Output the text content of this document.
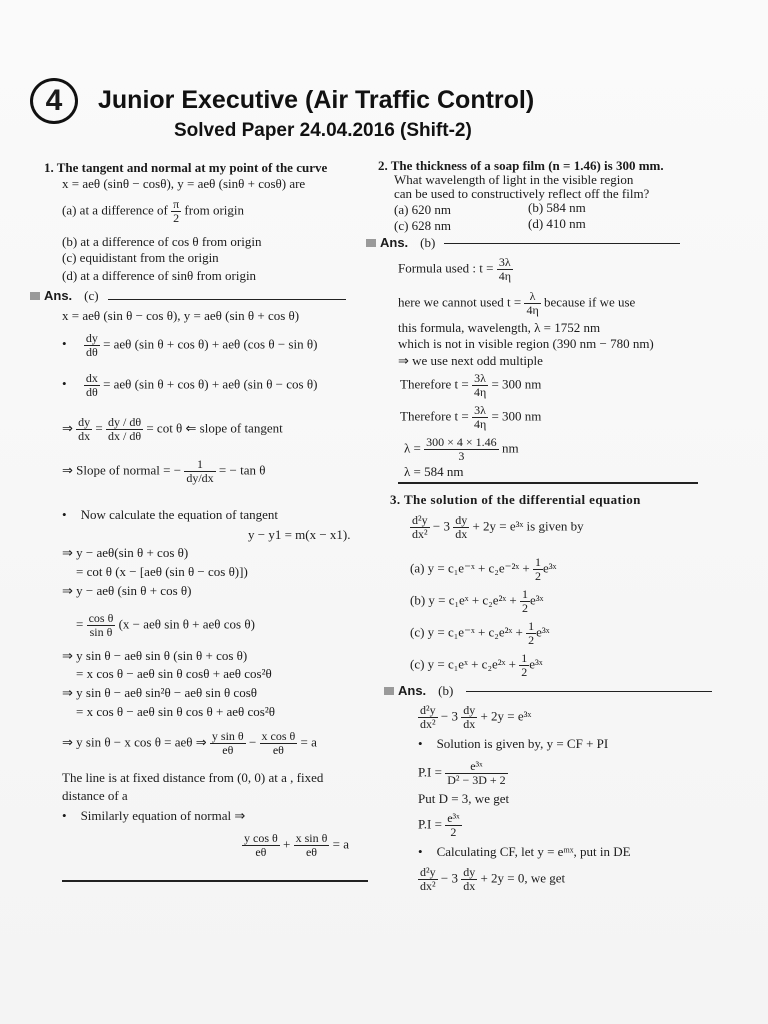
4	Junior Executive (Air Traffic Control)
Solved Paper 24.04.2016 (Shift-2)
1. The tangent and normal at my point of the curve
x = aeθ (sinθ − cosθ), y = aeθ (sinθ + cosθ) are
(a) at a difference of $\frac{\pi}{2}$ from origin
(b) at a difference of cos θ from origin
(c) equidistant from the origin
(d) at a difference of sinθ from origin
Ans. (c)
x = aeθ (sin θ − cos θ), y = aeθ (sin θ + cos θ)

• $\frac{dy}{d\theta} = ae\theta$ (sin θ + cos θ) + aeθ (cos θ − sin θ)

• $\frac{dx}{d\theta} = ae\theta$ (sin θ + cos θ) + aeθ (sin θ − cos θ)
⇒ $\frac{dy}{dx} = \frac{dy / d\theta}{dx / d\theta} = \cot \theta$ ⇐ slope of tangent
⇒ Slope of normal = − $\frac{1}{dy/dx}$ = − tan θ
• Now calculate the equation of tangent
y − y1 = m(x − x1).
⇒ y − aeθ(sin θ + cos θ)
= cot θ (x − [aeθ (sin θ − cos θ)])
⇒ y − aeθ (sin θ + cos θ)
= $\frac{\text{cos θ}}{\text{sin θ}} (x - ae\theta$ sin θ + aeθ cos θ)
⇒ y sin θ − aeθ sin θ (sin θ + cos θ)
= x cos θ − aeθ sin θ cosθ + aeθ cos²θ
⇒ y sin θ − aeθ sin²θ − aeθ sin θ cosθ
= x cos θ − aeθ sin θ cos θ + aeθ cos²θ
⇒ y sin θ − x cos θ = aeθ ⇒ $\frac{\text{y sin θ}}{e\theta} - \frac{\text{x cos θ}}{e\theta} = a$
The line is at fixed distance from (0, 0) at a , fixed
distance of a
• Similarly equation of normal ⇒
$\frac{\text{y cos θ}}{e\theta} + \frac{\text{x sin θ}}{e\theta} = a$
2. The thickness of a soap film (n = 1.46) is 300 mm.
What wavelength of light in the visible region
can be used to constructively reflect off the film?
(a) 620 nm	(b) 584 nm
(c) 628 nm	(d) 410 nm
Ans. (b)
Formula used : $t = \frac{3\lambda}{4\eta}$
here we cannot used $t = \frac{\lambda}{4\eta}$ because if we use
this formula, wavelength, λ = 1752 nm
which is not in visible region (390 nm − 780 nm)
⇒ we use next odd multiple
Therefore $t = \frac{3\lambda}{4\eta} = 300$ nm
Therefore $t = \frac{3\lambda}{4\eta} = 300$ nm
$\lambda = \frac{300 \times 4 \times 1.46}{3}$ nm
λ = 584 nm
3. The solution of the differential equation
$\frac{\text{d²y}}{\text{dx²}} - 3 \frac{dy}{dx} + 2y$ = e³ˣ is given by
(a) y = c₁e⁻ˣ + c₂e⁻²ˣ + $\frac{1}{2}$ e³ˣ
(b) y = c₁eˣ + c₂e²ˣ + $\frac{1}{2}$ e³ˣ
(c) y = c₁e⁻ˣ + c₂e²ˣ + $\frac{1}{2}$ e³ˣ
(c) y = c₁eˣ + c₂e²ˣ + $\frac{1}{2}$ e³ˣ
Ans. (b)
$\frac{\text{d²y}}{\text{dx²}} - 3 \frac{dy}{dx} + 2y$ = e³ˣ
• Solution is given by, y = CF + PI
$P.I = \frac{\text{e³ˣ}}{\text{D² − 3D + 2}}$
Put D = 3, we get
$P.I = \frac{\text{e³ˣ}}{2}$
• Calculating CF, let y = eᵐˣ, put in DE
$\frac{\text{d²y}}{\text{dx²}} - 3 \frac{dy}{dx} + 2y = 0$, we get
